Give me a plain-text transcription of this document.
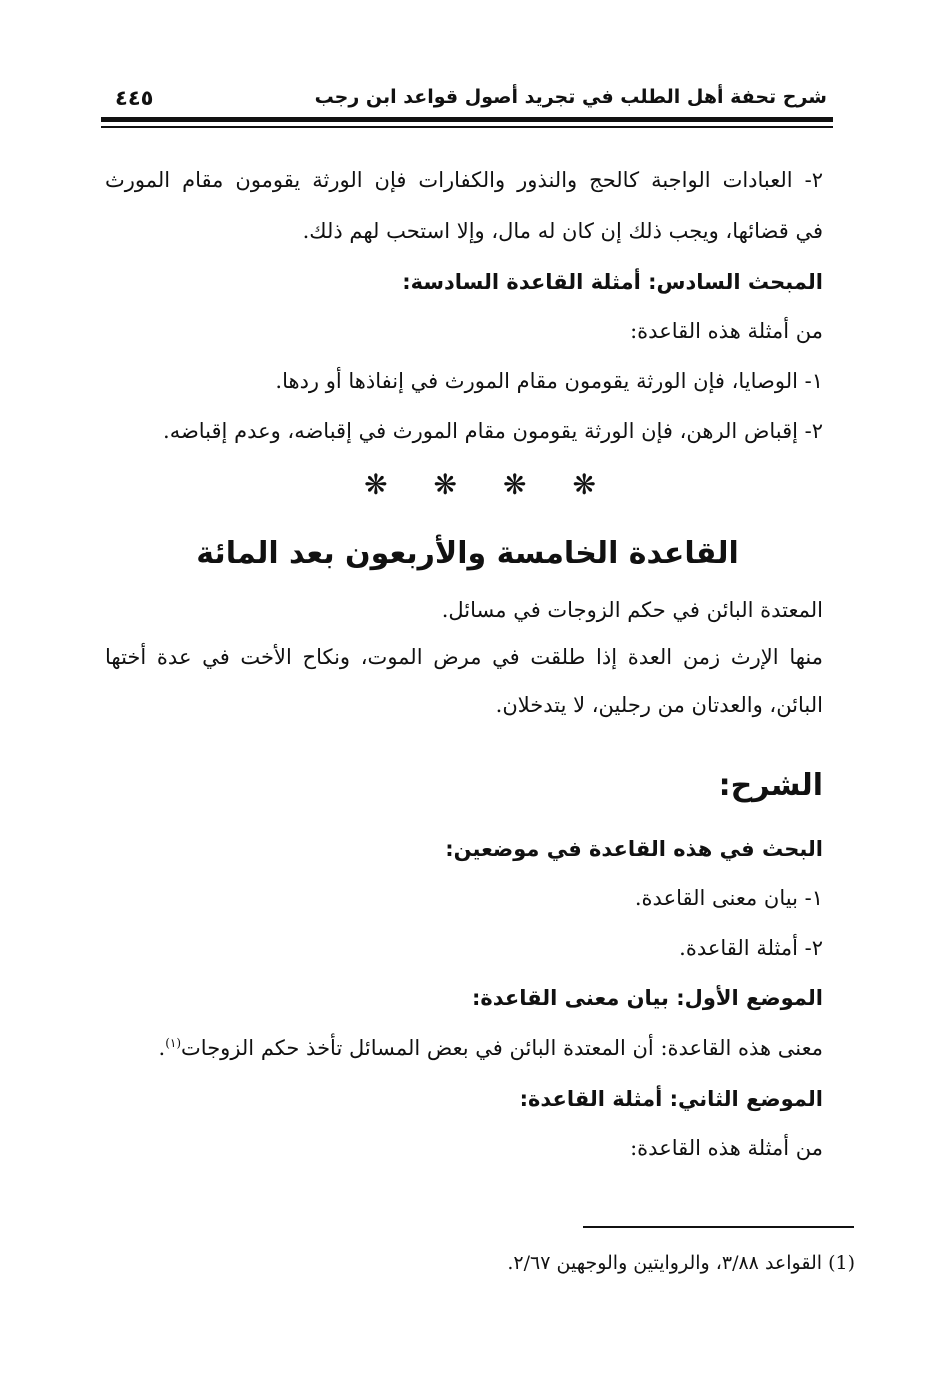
شرح تحفة أهل الطلب في تجريد أصول قواعد ابن رجب
٤٤٥
٢- العبادات الواجبة كالحج والنذور والكفارات فإن الورثة يقومون مقام المورث
في قضائها، ويجب ذلك إن كان له مال، وإلا استحب لهم ذلك.
المبحث السادس: أمثلة القاعدة السادسة:
من أمثلة هذه القاعدة:
١- الوصايا، فإن الورثة يقومون مقام المورث في إنفاذها أو ردها.
٢- إقباض الرهن، فإن الورثة يقومون مقام المورث في إقباضه، وعدم إقباضه.
❋ ❋ ❋ ❋
القاعدة الخامسة والأربعون بعد المائة
المعتدة البائن في حكم الزوجات في مسائل.
منها الإرث زمن العدة إذا طلقت في مرض الموت، ونكاح الأخت في عدة أختها
البائن، والعدتان من رجلين، لا يتدخلان.
الشرح:
البحث في هذه القاعدة في موضعين:
١- بيان معنى القاعدة.
٢- أمثلة القاعدة.
الموضع الأول: بيان معنى القاعدة:
معنى هذه القاعدة: أن المعتدة البائن في بعض المسائل تأخذ حكم الزوجات$^{(١)}$.
الموضع الثاني: أمثلة القاعدة:
من أمثلة هذه القاعدة:
(1) القواعد ٣/٨٨، والروايتين والوجهين ٢/٦٧.
